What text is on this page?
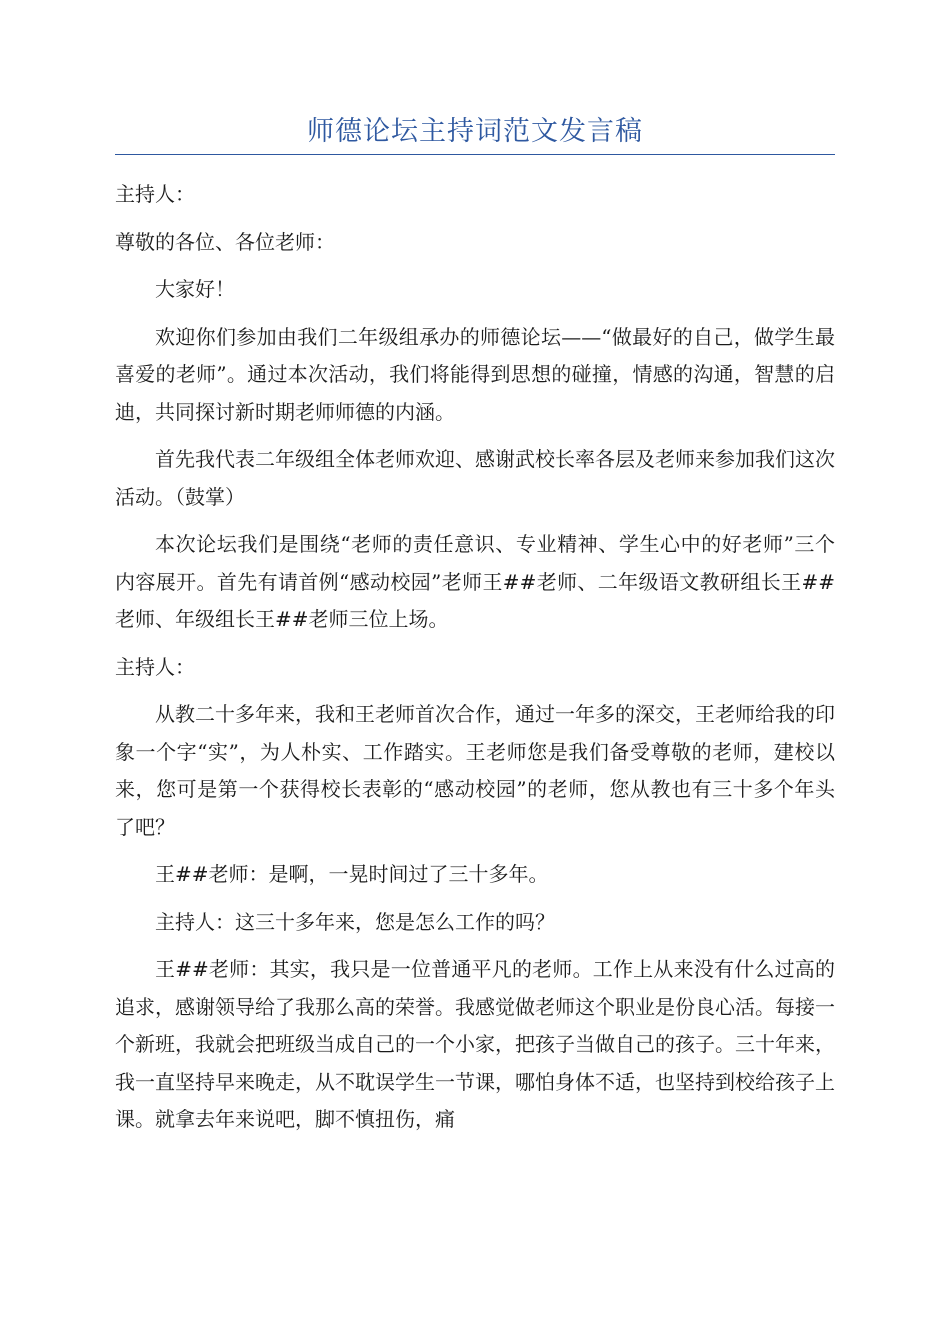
师德论坛主持词范文发言稿

主持人：

尊敬的各位、各位老师：

大家好！

欢迎你们参加由我们二年级组承办的师德论坛——“做最好的自己，做学生最喜爱的老师”。通过本次活动，我们将能得到思想的碰撞，情感的沟通，智慧的启迪，共同探讨新时期老师师德的内涵。

首先我代表二年级组全体老师欢迎、感谢武校长率各层及老师来参加我们这次活动。（鼓掌）

本次论坛我们是围绕“老师的责任意识、专业精神、学生心中的好老师”三个内容展开。首先有请首例“感动校园”老师王##老师、二年级语文教研组长王##老师、年级组长王##老师三位上场。

主持人：

从教二十多年来，我和王老师首次合作，通过一年多的深交，王老师给我的印象一个字“实”，为人朴实、工作踏实。王老师您是我们备受尊敬的老师，建校以来，您可是第一个获得校长表彰的“感动校园”的老师，您从教也有三十多个年头了吧？

王##老师：是啊，一晃时间过了三十多年。

主持人：这三十多年来，您是怎么工作的吗？

王##老师：其实，我只是一位普通平凡的老师。工作上从来没有什么过高的追求，感谢领导给了我那么高的荣誉。我感觉做老师这个职业是份良心活。每接一个新班，我就会把班级当成自己的一个小家，把孩子当做自己的孩子。三十年来，我一直坚持早来晚走，从不耽误学生一节课，哪怕身体不适，也坚持到校给孩子上课。就拿去年来说吧，脚不慎扭伤，痛
